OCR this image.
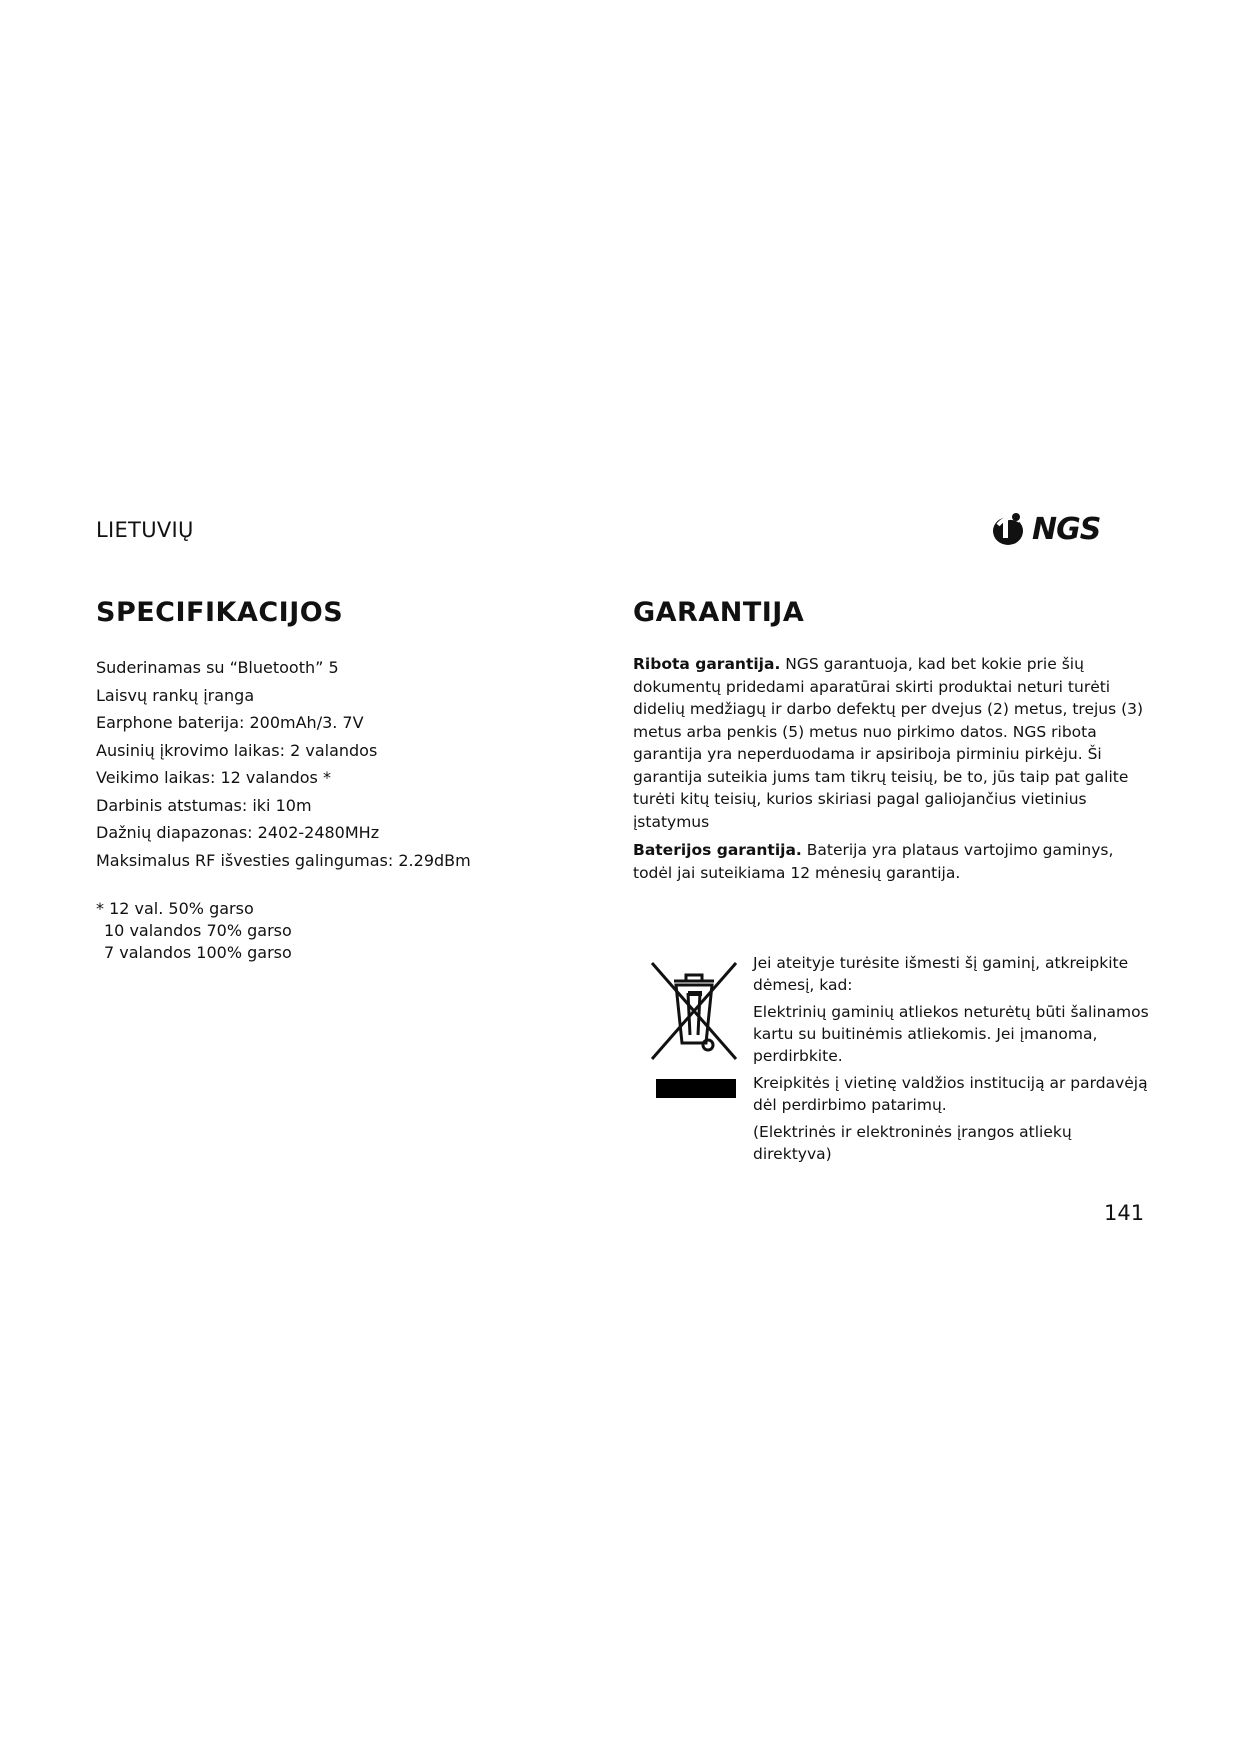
LIETUVIŲ	NGS
SPECIFIKACIJOS	GARANTIJA
Suderinamas su “Bluetooth” 5
Laisvų rankų įranga
Earphone baterija: 200mAh/3. 7V
Ausinių įkrovimo laikas: 2 valandos
Veikimo laikas: 12 valandos *
Darbinis atstumas: iki 10m
Dažnių diapazonas: 2402-2480MHz
Maksimalus RF išvesties galingumas: 2.29dBm
* 12 val. 50% garso
10 valandos 70% garso
7 valandos 100% garso

Ribota garantija. NGS garantuoja, kad bet kokie prie šių dokumentų pridedami aparatūrai skirti produktai neturi turėti didelių medžiagų ir darbo defektų per dvejus (2) metus, trejus (3) metus arba penkis (5) metus nuo pirkimo datos. NGS ribota garantija yra neperduodama ir apsiriboja pirminiu pirkėju. Ši garantija suteikia jums tam tikrų teisių, be to, jūs taip pat galite turėti kitų teisių, kurios skiriasi pagal galiojančius vietinius įstatymus

Baterijos garantija. Baterija yra plataus vartojimo gaminys, todėl jai suteikiama 12 mėnesių garantija.

Jei ateityje turėsite išmesti šį gaminį, atkreipkite dėmesį, kad:

Elektrinių gaminių atliekos neturėtų būti šalinamos kartu su buitinėmis atliekomis. Jei įmanoma, perdirbkite.

Kreipkitės į vietinę valdžios instituciją ar pardavėją dėl perdirbimo patarimų.

(Elektrinės ir elektroninės įrangos atliekų direktyva)

141
